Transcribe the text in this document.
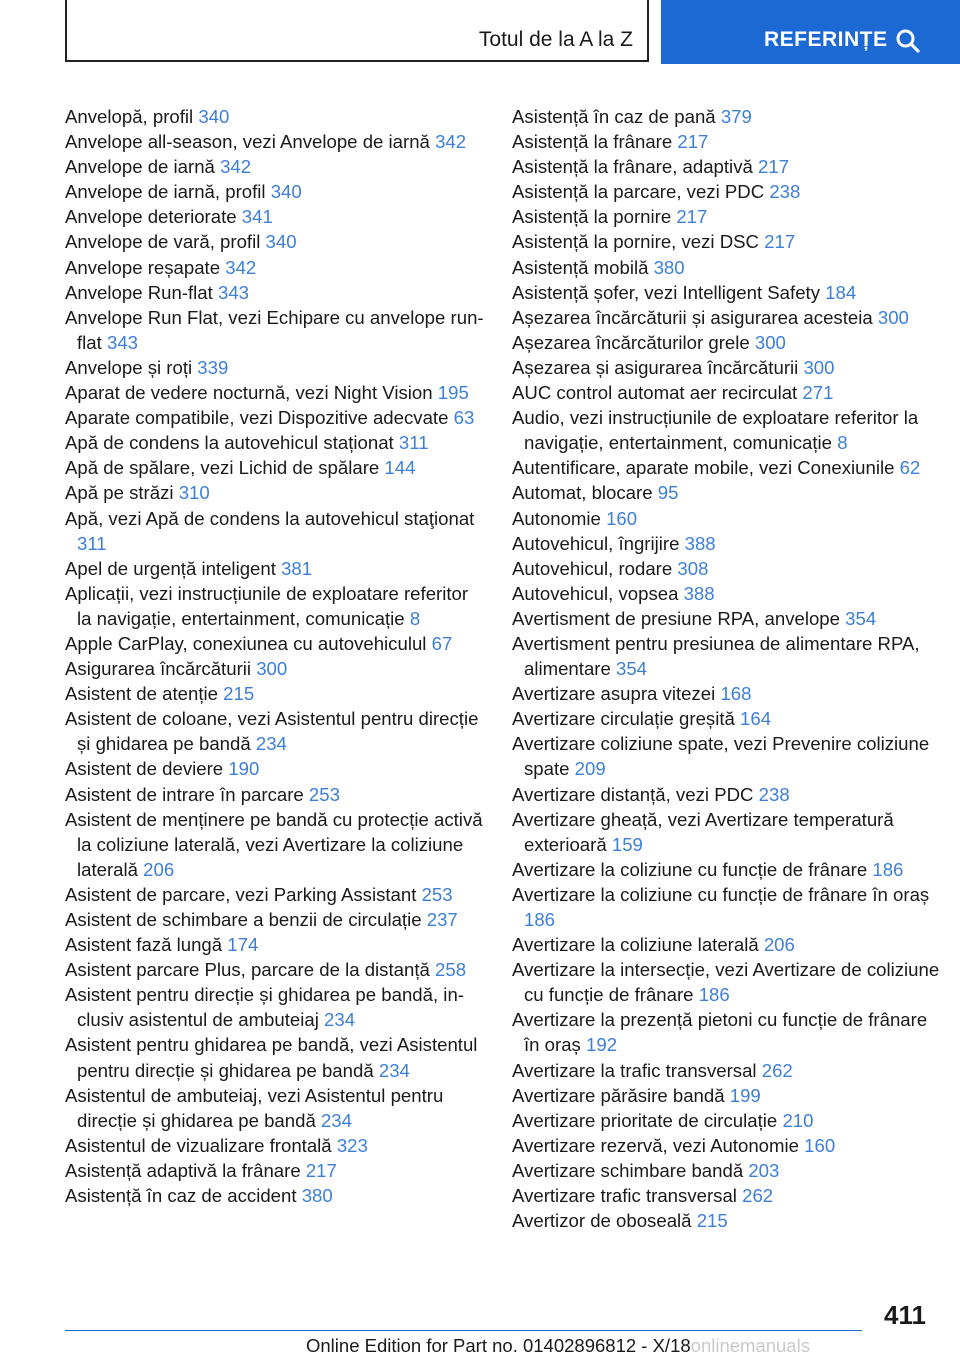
Totul de la A la Z	REFERINȚE

Anvelopă, profil 340

Anvelope all-season, vezi Anvelope de iarnă 342

Anvelope de iarnă 342

Anvelope de iarnă, profil 340

Anvelope deteriorate 341

Anvelope de vară, profil 340

Anvelope reșapate 342

Anvelope Run-flat 343

Anvelope Run Flat, vezi Echipare cu anvelope run-flat 343

Anvelope și roți 339

Aparat de vedere nocturnă, vezi Night Vision 195

Aparate compatibile, vezi Dispozitive adecvate 63

Apă de condens la autovehicul staționat 311

Apă de spălare, vezi Lichid de spălare 144

Apă pe străzi 310

Apă, vezi Apă de condens la autovehicul staţionat 311

Apel de urgență inteligent 381

Aplicații, vezi instrucțiunile de exploatare referitor la navigație, entertainment, comunicație 8

Apple CarPlay, conexiunea cu autovehiculul 67

Asigurarea încărcăturii 300

Asistent de atenție 215

Asistent de coloane, vezi Asistentul pentru direcție și ghidarea pe bandă 234

Asistent de deviere 190

Asistent de intrare în parcare 253

Asistent de menținere pe bandă cu protecție activă la coliziune laterală, vezi Avertizare la coliziune laterală 206

Asistent de parcare, vezi Parking Assistant 253

Asistent de schimbare a benzii de circulație 237

Asistent fază lungă 174

Asistent parcare Plus, parcare de la distanță 258

Asistent pentru direcție și ghidarea pe bandă, inclusiv asistentul de ambuteiaj 234

Asistent pentru ghidarea pe bandă, vezi Asistentul pentru direcție și ghidarea pe bandă 234

Asistentul de ambuteiaj, vezi Asistentul pentru direcție și ghidarea pe bandă 234

Asistentul de vizualizare frontală 323

Asistență adaptivă la frânare 217

Asistență în caz de accident 380

Asistență în caz de pană 379

Asistență la frânare 217

Asistență la frânare, adaptivă 217

Asistență la parcare, vezi PDC 238

Asistență la pornire 217

Asistență la pornire, vezi DSC 217

Asistență mobilă 380

Asistență șofer, vezi Intelligent Safety 184

Așezarea încărcăturii și asigurarea acesteia 300

Așezarea încărcăturilor grele 300

Așezarea și asigurarea încărcăturii 300

AUC control automat aer recirculat 271

Audio, vezi instrucțiunile de exploatare referitor la navigație, entertainment, comunicație 8

Autentificare, aparate mobile, vezi Conexiunile 62

Automat, blocare 95

Autonomie 160

Autovehicul, îngrijire 388

Autovehicul, rodare 308

Autovehicul, vopsea 388

Avertisment de presiune RPA, anvelope 354

Avertisment pentru presiunea de alimentare RPA, alimentare 354

Avertizare asupra vitezei 168

Avertizare circulație greșită 164

Avertizare coliziune spate, vezi Prevenire coliziune spate 209

Avertizare distanță, vezi PDC 238

Avertizare gheață, vezi Avertizare temperatură exterioară 159

Avertizare la coliziune cu funcție de frânare 186

Avertizare la coliziune cu funcție de frânare în oraș 186

Avertizare la coliziune laterală 206

Avertizare la intersecție, vezi Avertizare de coliziune cu funcție de frânare 186

Avertizare la prezență pietoni cu funcție de frânare în oraș 192

Avertizare la trafic transversal 262

Avertizare părăsire bandă 199

Avertizare prioritate de circulație 210

Avertizare rezervă, vezi Autonomie 160

Avertizare schimbare bandă 203

Avertizare trafic transversal 262

Avertizor de oboseală 215

411
Online Edition for Part no. 01402896812 - X/18onlinemanuals
